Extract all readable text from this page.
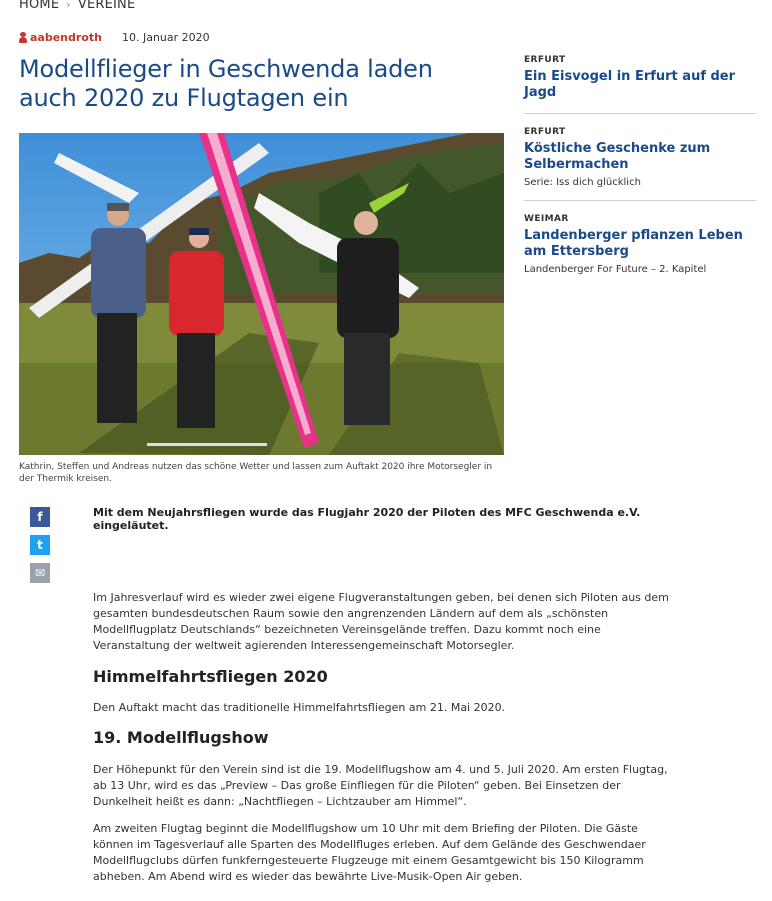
HOME › VEREINE
aabendroth 10. Januar 2020
Modellflieger in Geschwenda laden auch 2020 zu Flugtagen ein
Kathrin, Steffen und Andreas nutzen das schöne Wetter und lassen zum Auftakt 2020 ihre Motorsegler in der Thermik kreisen.
f
t
✉
Mit dem Neujahrsfliegen wurde das Flugjahr 2020 der Piloten des MFC Geschwenda e.V. eingeläutet.

Im Jahresverlauf wird es wieder zwei eigene Flugveranstaltungen geben, bei denen sich Piloten aus dem gesamten bundesdeutschen Raum sowie den angrenzenden Ländern auf dem als „schönsten Modellflugplatz Deutschlands“ bezeichneten Vereinsgelände treffen. Dazu kommt noch eine Veranstaltung der weltweit agierenden Interessengemeinschaft Motorsegler.

Himmelfahrtsfliegen 2020

Den Auftakt macht das traditionelle Himmelfahrtsfliegen am 21. Mai 2020.

19. Modellflugshow

Der Höhepunkt für den Verein sind ist die 19. Modellflugshow am 4. und 5. Juli 2020. Am ersten Flugtag, ab 13 Uhr, wird es das „Preview – Das große Einfliegen für die Piloten“ geben. Bei Einsetzen der Dunkelheit heißt es dann: „Nachtfliegen – Lichtzauber am Himmel“.

Am zweiten Flugtag beginnt die Modellflugshow um 10 Uhr mit dem Briefing der Piloten. Die Gäste können im Tagesverlauf alle Sparten des Modellfluges erleben. Auf dem Gelände des Geschwendaer Modellflugclubs dürfen funkferngesteuerte Flugzeuge mit einem Gesamtgewicht bis 150 Kilogramm abheben. Am Abend wird es wieder das bewährte Live-Musik-Open Air geben.

ERFURT
Ein Eisvogel in Erfurt auf der Jagd
ERFURT
Köstliche Geschenke zum Selbermachen
Serie: Iss dich glücklich
WEIMAR
Landenberger pflanzen Leben am Ettersberg
Landenberger For Future – 2. Kapitel
